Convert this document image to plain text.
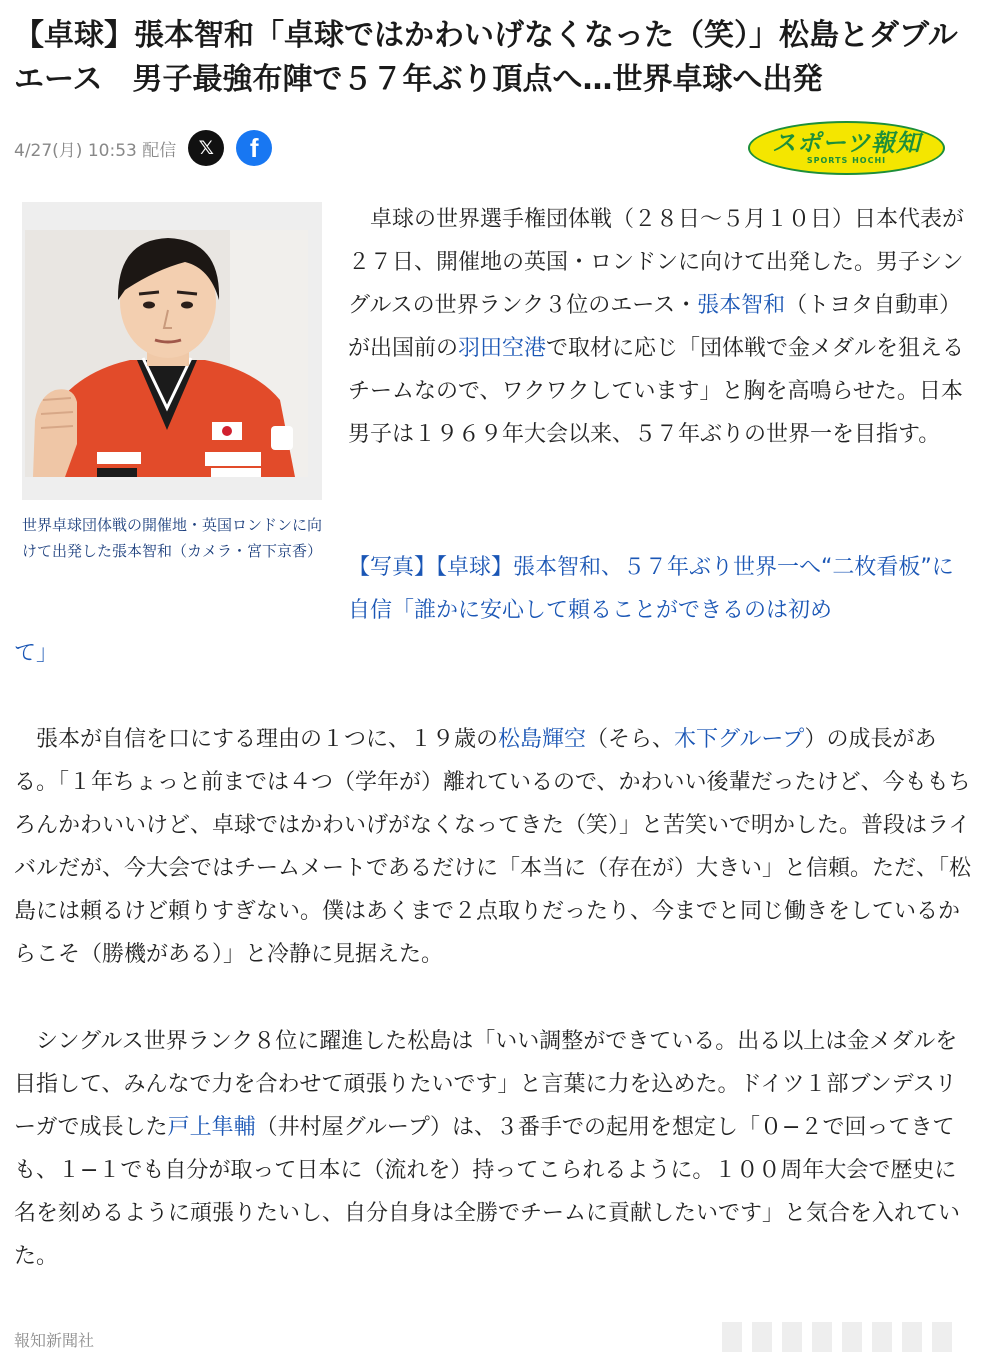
【卓球】張本智和「卓球ではかわいげなくなった（笑）」松島とダブルエース　男子最強布陣で５７年ぶり頂点へ…世界卓球へ出発
4/27(月) 10:53 配信	𝕏	f	スポーツ報知
SPORTS HOCHI
世界卓球団体戦の開催地・英国ロンドンに向けて出発した張本智和（カメラ・宮下京香）

卓球の世界選手権団体戦（２８日〜５月１０日）日本代表が２７日、開催地の英国・ロンドンに向けて出発した。男子シングルスの世界ランク３位のエース・張本智和（トヨタ自動車）が出国前の羽田空港で取材に応じ「団体戦で金メダルを狙えるチームなので、ワクワクしています」と胸を高鳴らせた。日本男子は１９６９年大会以来、５７年ぶりの世界一を目指す。

【写真】【卓球】張本智和、５７年ぶり世界一へ“二枚看板”に自信「誰かに安心して頼ることができるのは初め
て」

張本が自信を口にする理由の１つに、１９歳の松島輝空（そら、木下グループ）の成長がある。「１年ちょっと前までは４つ（学年が）離れているので、かわいい後輩だったけど、今ももちろんかわいいけど、卓球ではかわいげがなくなってきた（笑）」と苦笑いで明かした。普段はライバルだが、今大会ではチームメートであるだけに「本当に（存在が）大きい」と信頼。ただ、「松島には頼るけど頼りすぎない。僕はあくまで２点取りだったり、今までと同じ働きをしているからこそ（勝機がある）」と冷静に見据えた。

シングルス世界ランク８位に躍進した松島は「いい調整ができている。出る以上は金メダルを目指して、みんなで力を合わせて頑張りたいです」と言葉に力を込めた。ドイツ１部ブンデスリーガで成長した戸上隼輔（井村屋グループ）は、３番手での起用を想定し「０−２で回ってきても、１−１でも自分が取って日本に（流れを）持ってこられるように。１００周年大会で歴史に名を刻めるように頑張りたいし、自分自身は全勝でチームに貢献したいです」と気合を入れていた。

報知新聞社
